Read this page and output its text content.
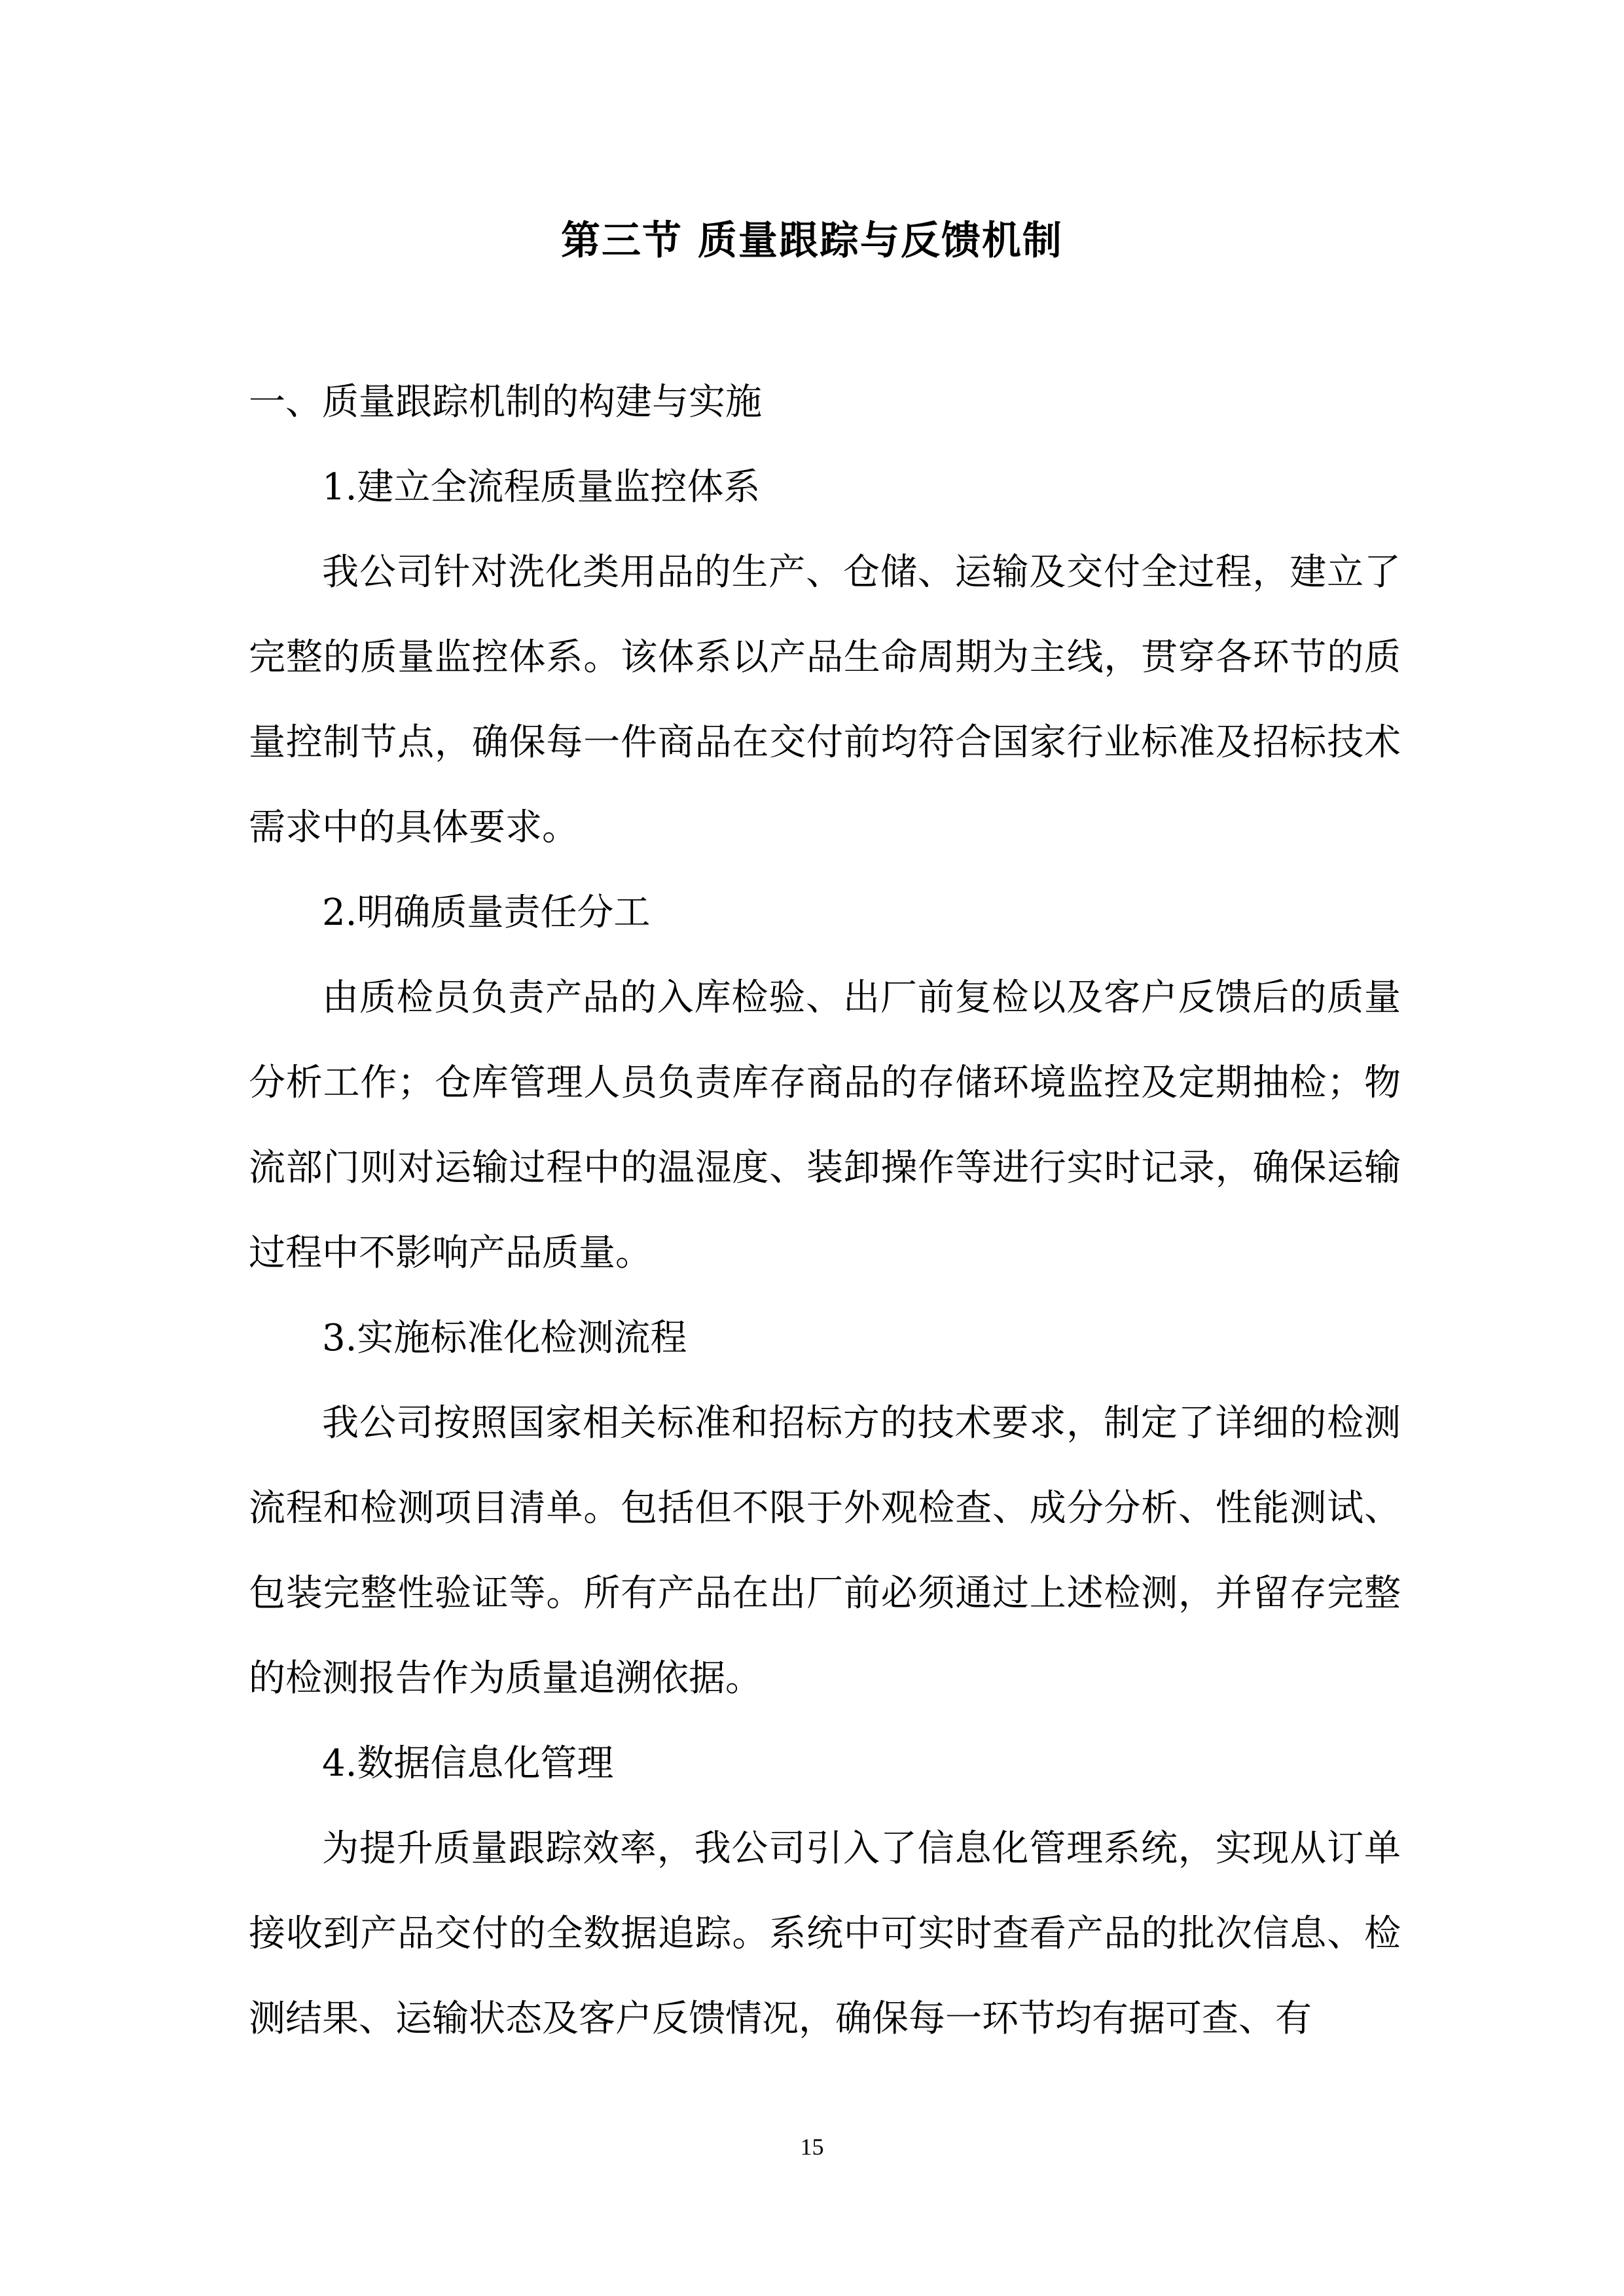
第三节 质量跟踪与反馈机制

一、质量跟踪机制的构建与实施

1.建立全流程质量监控体系

我公司针对洗化类用品的生产、仓储、运输及交付全过程，建立了完整的质量监控体系。该体系以产品生命周期为主线，贯穿各环节的质量控制节点，确保每一件商品在交付前均符合国家行业标准及招标技术需求中的具体要求。

2.明确质量责任分工

由质检员负责产品的入库检验、出厂前复检以及客户反馈后的质量分析工作；仓库管理人员负责库存商品的存储环境监控及定期抽检；物流部门则对运输过程中的温湿度、装卸操作等进行实时记录，确保运输过程中不影响产品质量。

3.实施标准化检测流程

我公司按照国家相关标准和招标方的技术要求，制定了详细的检测流程和检测项目清单。包括但不限于外观检查、成分分析、性能测试、包装完整性验证等。所有产品在出厂前必须通过上述检测，并留存完整的检测报告作为质量追溯依据。

4.数据信息化管理

为提升质量跟踪效率，我公司引入了信息化管理系统，实现从订单接收到产品交付的全数据追踪。系统中可实时查看产品的批次信息、检测结果、运输状态及客户反馈情况，确保每一环节均有据可查、有

15
